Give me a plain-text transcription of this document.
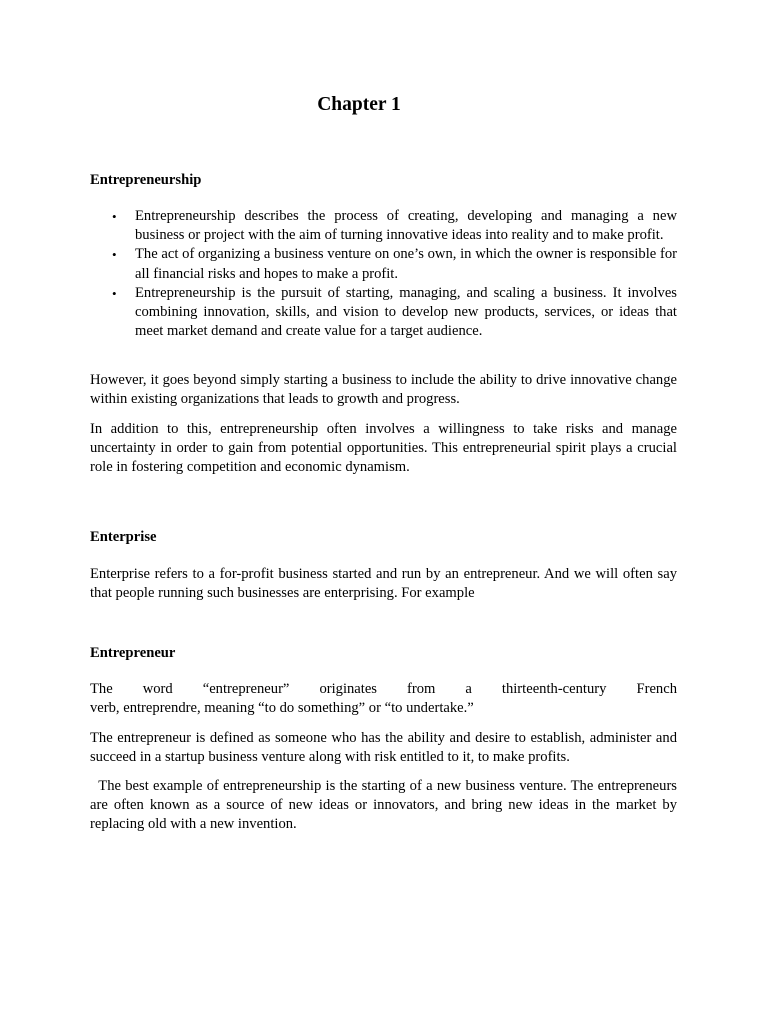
Chapter 1
Entrepreneurship
• Entrepreneurship describes the process of creating, developing and managing a new business or project with the aim of turning innovative ideas into reality and to make profit.
• The act of organizing a business venture on one’s own, in which the owner is responsible for all financial risks and hopes to make a profit.
• Entrepreneurship is the pursuit of starting, managing, and scaling a business. It involves combining innovation, skills, and vision to develop new products, services, or ideas that meet market demand and create value for a target audience.

However, it goes beyond simply starting a business to include the ability to drive innovative change within existing organizations that leads to growth and progress.

In addition to this, entrepreneurship often involves a willingness to take risks and manage uncertainty in order to gain from potential opportunities. This entrepreneurial spirit plays a crucial role in fostering competition and economic dynamism.

Enterprise

Enterprise refers to a for-profit business started and run by an entrepreneur. And we will often say that people running such businesses are enterprising. For example

Entrepreneur

The word “entrepreneur” originates from a thirteenth-century French

verb, entreprendre, meaning “to do something” or “to undertake.”

The entrepreneur is defined as someone who has the ability and desire to establish, administer and succeed in a startup business venture along with risk entitled to it, to make profits.

The best example of entrepreneurship is the starting of a new business venture. The entrepreneurs are often known as a source of new ideas or innovators, and bring new ideas in the market by replacing old with a new invention.
